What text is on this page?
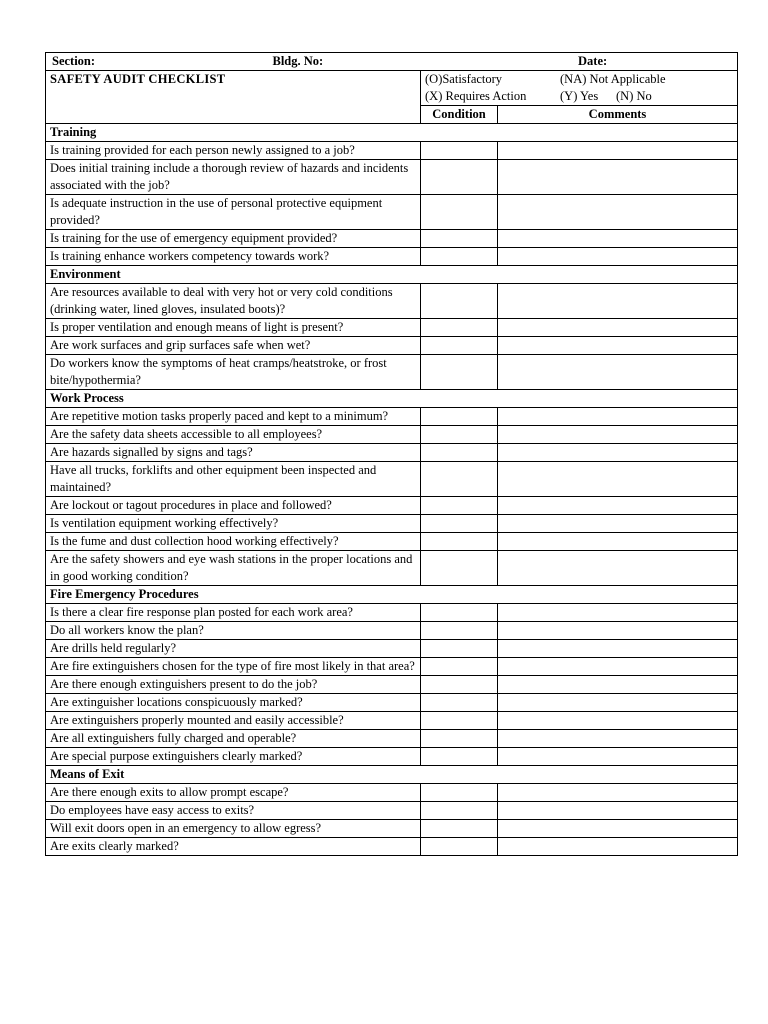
Section: Bldg. No: Date:		

SAFETY AUDIT CHECKLIST	(O)Satisfactory (NA) Not Applicable
(X) Requires Action (Y) Yes (N) No	

	Condition	Comments
Training		
Is training provided for each person newly assigned to a job?		
Does initial training include a thorough review of hazards and incidents associated with the job?		
Is adequate instruction in the use of personal protective equipment provided?		
Is training for the use of emergency equipment provided?		
Is training enhance workers competency towards work?		
Environment		
Are resources available to deal with very hot or very cold conditions (drinking water, lined gloves, insulated boots)?		
Is proper ventilation and enough means of light is present?		
Are work surfaces and grip surfaces safe when wet?		
Do workers know the symptoms of heat cramps/heatstroke, or frost bite/hypothermia?		
Work Process		
Are repetitive motion tasks properly paced and kept to a minimum?		
Are the safety data sheets accessible to all employees?		
Are hazards signalled by signs and tags?		
Have all trucks, forklifts and other equipment been inspected and maintained?		
Are lockout or tagout procedures in place and followed?		
Is ventilation equipment working effectively?		
Is the fume and dust collection hood working effectively?		
Are the safety showers and eye wash stations in the proper locations and in good working condition?		
Fire Emergency Procedures		
Is there a clear fire response plan posted for each work area?		
Do all workers know the plan?		
Are drills held regularly?		
Are fire extinguishers chosen for the type of fire most likely in that area?		
Are there enough extinguishers present to do the job?		
Are extinguisher locations conspicuously marked?		
Are extinguishers properly mounted and easily accessible?		
Are all extinguishers fully charged and operable?		
Are special purpose extinguishers clearly marked?		
Means of Exit		
Are there enough exits to allow prompt escape?		
Do employees have easy access to exits?		
Will exit doors open in an emergency to allow egress?		
Are exits clearly marked?		
